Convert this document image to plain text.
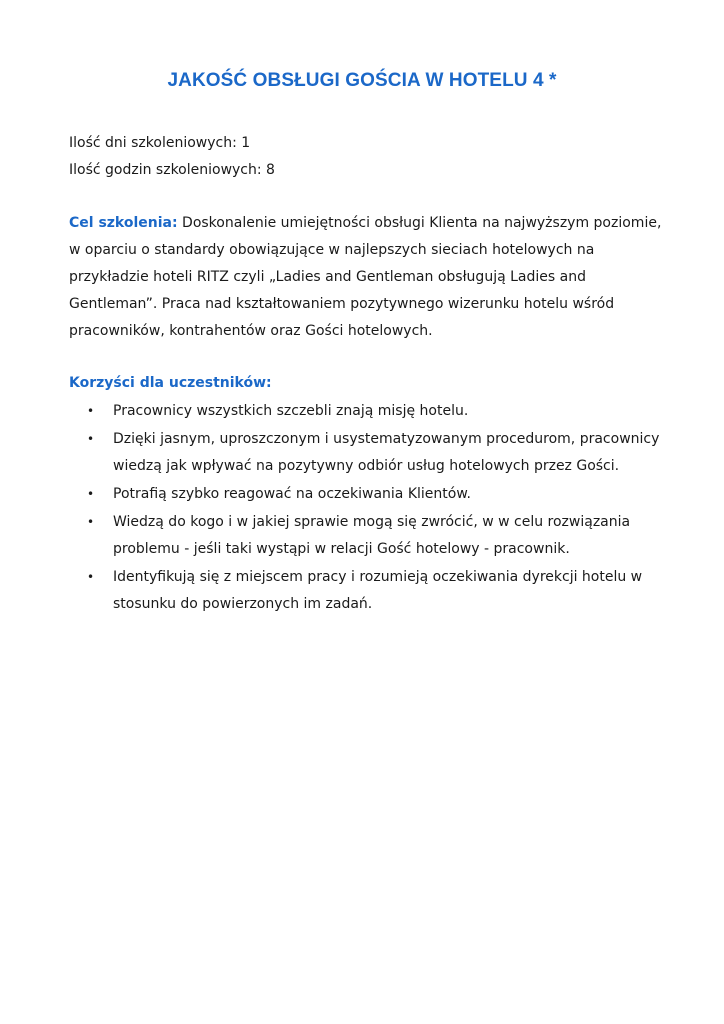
JAKOŚĆ OBSŁUGI GOŚCIA W HOTELU 4 *

Ilość dni szkoleniowych: 1

Ilość godzin szkoleniowych: 8

Cel szkolenia: Doskonalenie umiejętności obsługi Klienta na najwyższym poziomie, w oparciu o standardy obowiązujące w najlepszych sieciach hotelowych na przykładzie hoteli RITZ czyli „Ladies and Gentleman obsługują Ladies and Gentleman”. Praca nad kształtowaniem pozytywnego wizerunku hotelu wśród pracowników, kontrahentów oraz Gości hotelowych.

Korzyści dla uczestników:

• Pracownicy wszystkich szczebli znają misję hotelu.
• Dzięki jasnym, uproszczonym i usystematyzowanym procedurom, pracownicy wiedzą jak wpływać na pozytywny odbiór usług hotelowych przez Gości.
• Potrafią szybko reagować na oczekiwania Klientów.
• Wiedzą do kogo i w jakiej sprawie mogą się zwrócić, w w celu rozwiązania problemu - jeśli taki wystąpi w relacji Gość hotelowy - pracownik.
• Identyfikują się z miejscem pracy i rozumieją oczekiwania dyrekcji hotelu w stosunku do powierzonych im zadań.
